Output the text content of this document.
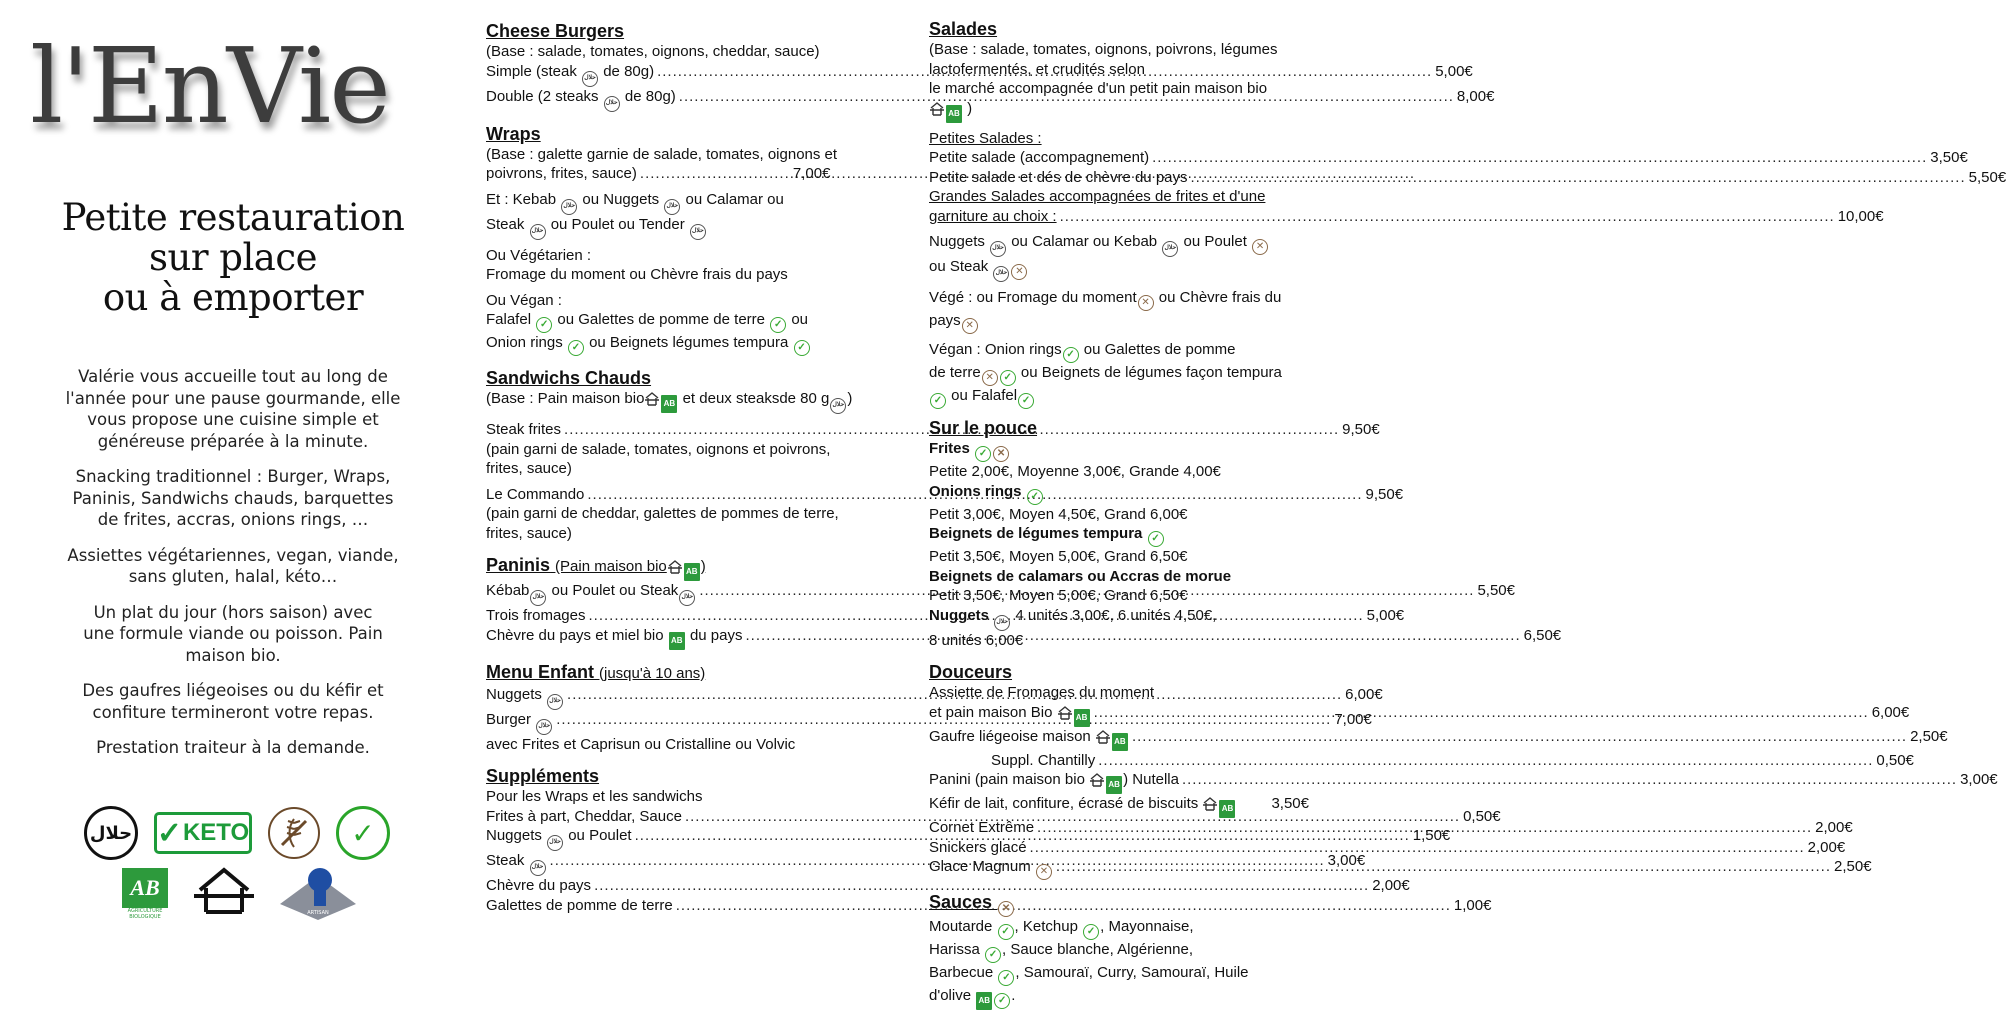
l'EnVie
Petite restauration
sur place
ou à emporter

Valérie vous accueille tout au long de l'année pour une pause gourmande, elle vous propose une cuisine simple et généreuse préparée à la minute.

Snacking traditionnel : Burger, Wraps, Paninis, Sandwichs chauds, barquettes de frites, accras, onions rings, …

Assiettes végétariennes, vegan, viande, sans gluten, halal, kéto…

Un plat du jour (hors saison) avec une formule viande ou poisson. Pain maison bio.

Des gaufres liégeoises ou du kéfir et confiture termineront votre repas.

Prestation traiteur à la demande.

حلال ✓ KETO	✓
AB
AGRICULTURE BIOLOGIQUE
ARTISAN
Cheese Burgers
(Base : salade, tomates, oignons, cheddar, sauce)
Simple (steak حلال de 80g) .....	5,00€
Double (2 steaks حلال de 80g) .....	8,00€
Wraps
(Base : galette garnie de salade, tomates, oignons et poivrons, frites, sauce) .....	7,00€
Et : Kebab حلال ou Nuggets حلال ou Calamar ou
Steak حلال ou Poulet ou Tender حلال
Ou Végétarien :
Fromage du moment ou Chèvre frais du pays
Ou Végan :
Falafel ✓ ou Galettes de pomme de terre ✓ ou
Onion rings ✓ ou Beignets légumes tempura ✓
Sandwichs Chauds
(Base : Pain maison bio AB et deux steaksde 80 g حلال )
Steak frites .....	9,50€
(pain garni de salade, tomates, oignons et poivrons, frites, sauce)
Le Commando .....	9,50€
(pain garni de cheddar, galettes de pommes de terre, frites, sauce)
Paninis (Pain maison bio AB )
Kébab حلال ou Poulet ou Steak حلال .....	5,50€
Trois fromages .....	5,00€
Chèvre du pays et miel bio AB du pays .....	6,50€
Menu Enfant (jusqu'à 10 ans)
Nuggets حلال .....	6,00€
Burger حلال .....	7,00€
avec Frites et Caprisun ou Cristalline ou Volvic
Suppléments
Pour les Wraps et les sandwichs
Frites à part, Cheddar, Sauce .....	0,50€
Nuggets حلال ou Poulet .....	1,50€
Steak حلال .....	3,00€
Chèvre du pays .....	2,00€
Galettes de pomme de terre .....	1,00€
Salades
(Base : salade, tomates, oignons, poivrons, légumes lactofermentés, et crudités selon
le marché accompagnée d'un petit pain maison bio
AB )
Petites Salades :
Petite salade (accompagnement) .....	3,50€
Petite salade et dés de chèvre du pays .....	5,50€
Grandes Salades accompagnées de frites et d'une
garniture au choix : .....	10,00€
Nuggets حلال ou Calamar ou Kebab حلال ou Poulet ✕
ou Steak حلال ✕
Végé : ou Fromage du moment ✕ ou Chèvre frais du
pays ✕
Végan : Onion rings ✓ ou Galettes de pomme
de terre ✕ ✓ ou Beignets de légumes façon tempura
✓ ou Falafel ✓
Sur le pouce
Frites ✓ ✕
Petite 2,00€, Moyenne 3,00€, Grande 4,00€
Onions rings ✓
Petit 3,00€, Moyen 4,50€, Grand 6,00€
Beignets de légumes tempura ✓
Petit 3,50€, Moyen 5,00€, Grand 6,50€
Beignets de calamars ou Accras de morue
Petit 3,50€, Moyen 5,00€, Grand 6,50€
Nuggets حلال 4 unités 3,00€, 6 unités 4,50€,
8 unités 6,00€
Douceurs
Assiette de Fromages du moment
et pain maison Bio	AB .....	6,00€
Gaufre liégeoise maison	AB .....	2,50€
Suppl. Chantilly .....	0,50€
Panini (pain maison bio	AB ) Nutella .....	3,00€
Kéfir de lait, confiture, écrasé de biscuits	AB	3,50€
Cornet Extrême .....	2,00€
Snickers glacé .....	2,00€
Glace Magnum ✕ .....	2,50€
Sauces ✕
Moutarde ✓ , Ketchup ✓ , Mayonnaise,
Harissa ✓ , Sauce blanche, Algérienne,
Barbecue ✓ , Samouraï, Curry, Samouraï, Huile
d'olive AB ✓ .
